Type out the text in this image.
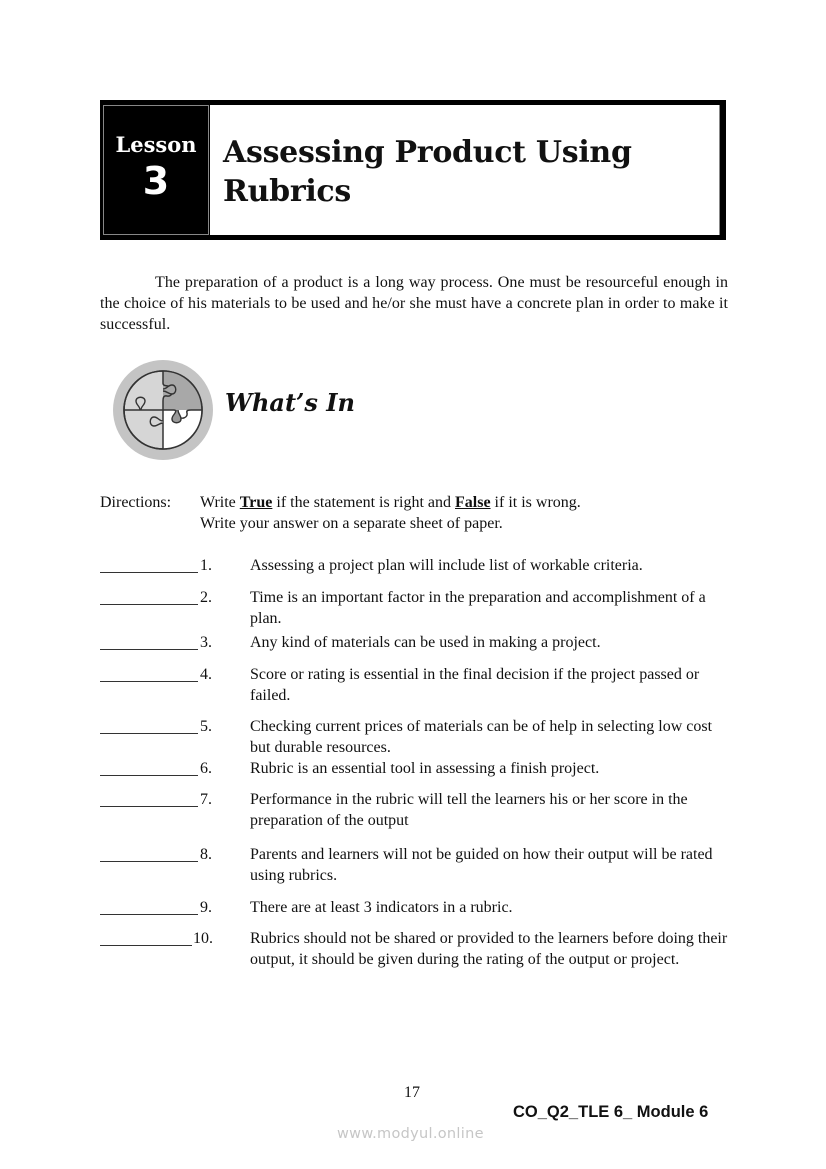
Lesson
3
Assessing Product Using
Rubrics

The preparation of a product is a long way process. One must be resourceful enough in the choice of his materials to be used and he/or she must have a concrete plan in order to make it successful.

What’s In
Directions: Write True if the statement is right and False if it is wrong.
Write your answer on a separate sheet of paper.
1. Assessing a project plan will include list of workable criteria.
2. Time is an important factor in the preparation and accomplishment of a plan.
3. Any kind of materials can be used in making a project.
4. Score or rating is essential in the final decision if the project passed or failed.
5. Checking current prices of materials can be of help in selecting low cost but durable resources.
6. Rubric is an essential tool in assessing a finish project.
7. Performance in the rubric will tell the learners his or her score in the preparation of the output
8. Parents and learners will not be guided on how their output will be rated using rubrics.
9. There are at least 3 indicators in a rubric.
10. Rubrics should not be shared or provided to the learners before doing their output, it should be given during the rating of the output or project.
17
CO_Q2_TLE 6_ Module 6
www.modyul.online
